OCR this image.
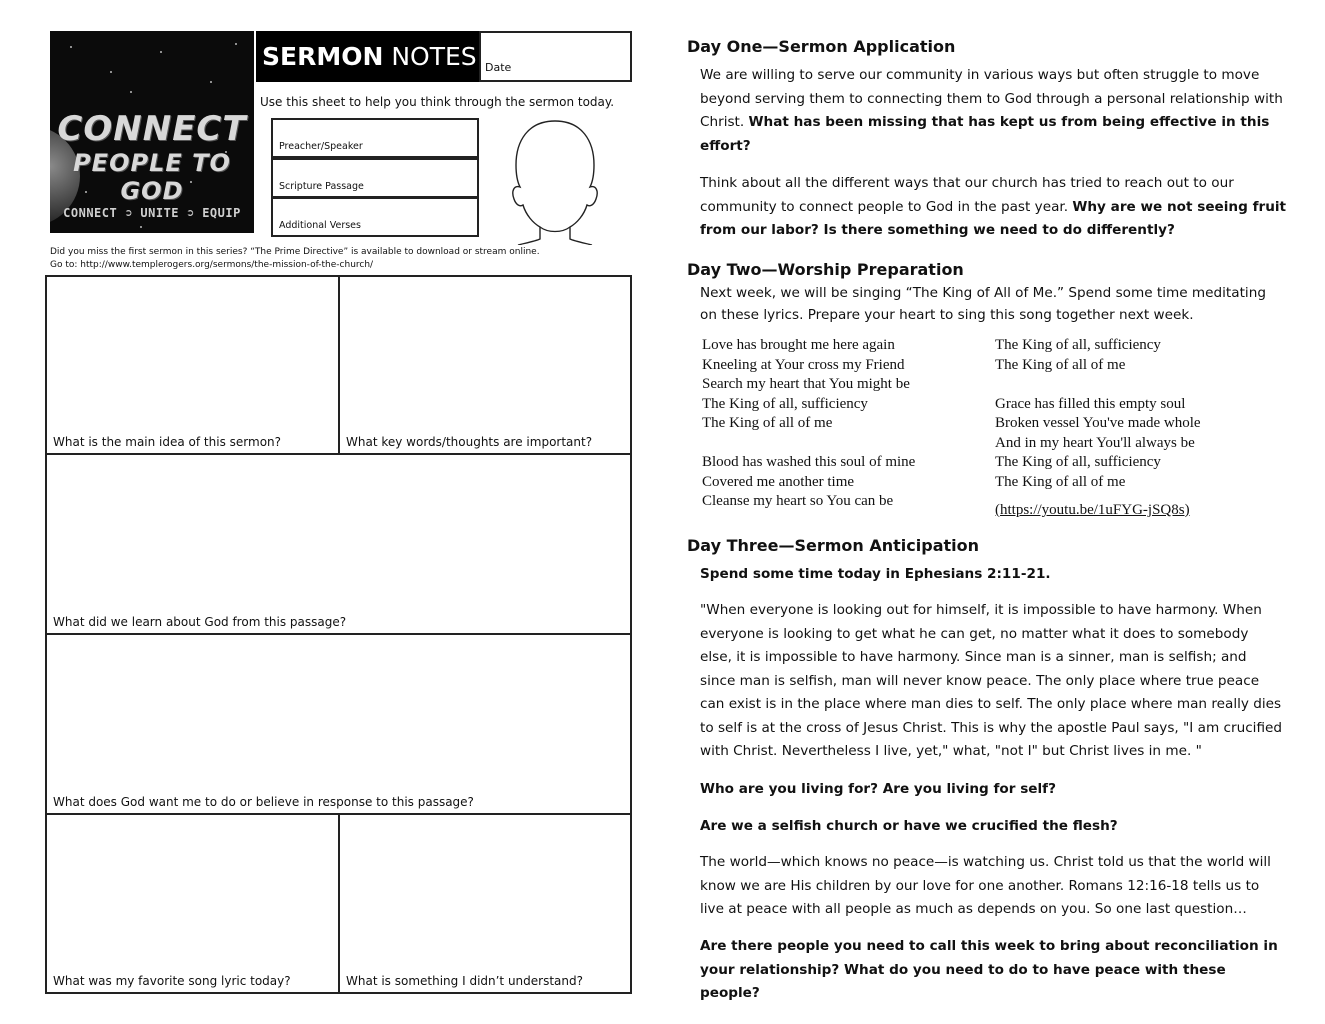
CONNECT
PEOPLE TO GOD
CONNECT ➲ UNITE ➲ EQUIP
SERMON NOTES Date
Use this sheet to help you think through the sermon today.
Preacher/Speaker
Scripture Passage
Additional Verses
Did you miss the first sermon in this series? “The Prime Directive” is available to download or stream online.
Go to: http://www.templerogers.org/sermons/the-mission-of-the-church/
What is the main idea of this sermon?	What key words/thoughts are important?
What did we learn about God from this passage?
What does God want me to do or believe in response to this passage?
What was my favorite song lyric today?	What is something I didn’t understand?
Day One—Sermon Application
We are willing to serve our community in various ways but often struggle to move beyond serving them to connecting them to God through a personal relationship with Christ. What has been missing that has kept us from being effective in this effort?
Think about all the different ways that our church has tried to reach out to our community to connect people to God in the past year. Why are we not seeing fruit from our labor? Is there something we need to do differently?
Day Two—Worship Preparation
Next week, we will be singing “The King of All of Me.” Spend some time meditating on these lyrics. Prepare your heart to sing this song together next week.
Love has brought me here again
Kneeling at Your cross my Friend
Search my heart that You might be
The King of all, sufficiency
The King of all of me

Blood has washed this soul of mine
Covered me another time
Cleanse my heart so You can be
The King of all, sufficiency
The King of all of me

Grace has filled this empty soul
Broken vessel You've made whole
And in my heart You'll always be
The King of all, sufficiency
The King of all of me
(https://youtu.be/1uFYG-jSQ8s)
Day Three—Sermon Anticipation
Spend some time today in Ephesians 2:11-21.
"When everyone is looking out for himself, it is impossible to have harmony. When everyone is looking to get what he can get, no matter what it does to somebody else, it is impossible to have harmony. Since man is a sinner, man is selfish; and since man is selfish, man will never know peace. The only place where true peace can exist is in the place where man dies to self. The only place where man really dies to self is at the cross of Jesus Christ. This is why the apostle Paul says, "I am crucified with Christ. Nevertheless I live, yet," what, "not I" but Christ lives in me. "
Who are you living for? Are you living for self?
Are we a selfish church or have we crucified the flesh?
The world—which knows no peace—is watching us. Christ told us that the world will know we are His children by our love for one another. Romans 12:16-18 tells us to live at peace with all people as much as depends on you. So one last question…
Are there people you need to call this week to bring about reconciliation in your relationship? What do you need to do to have peace with these people?
